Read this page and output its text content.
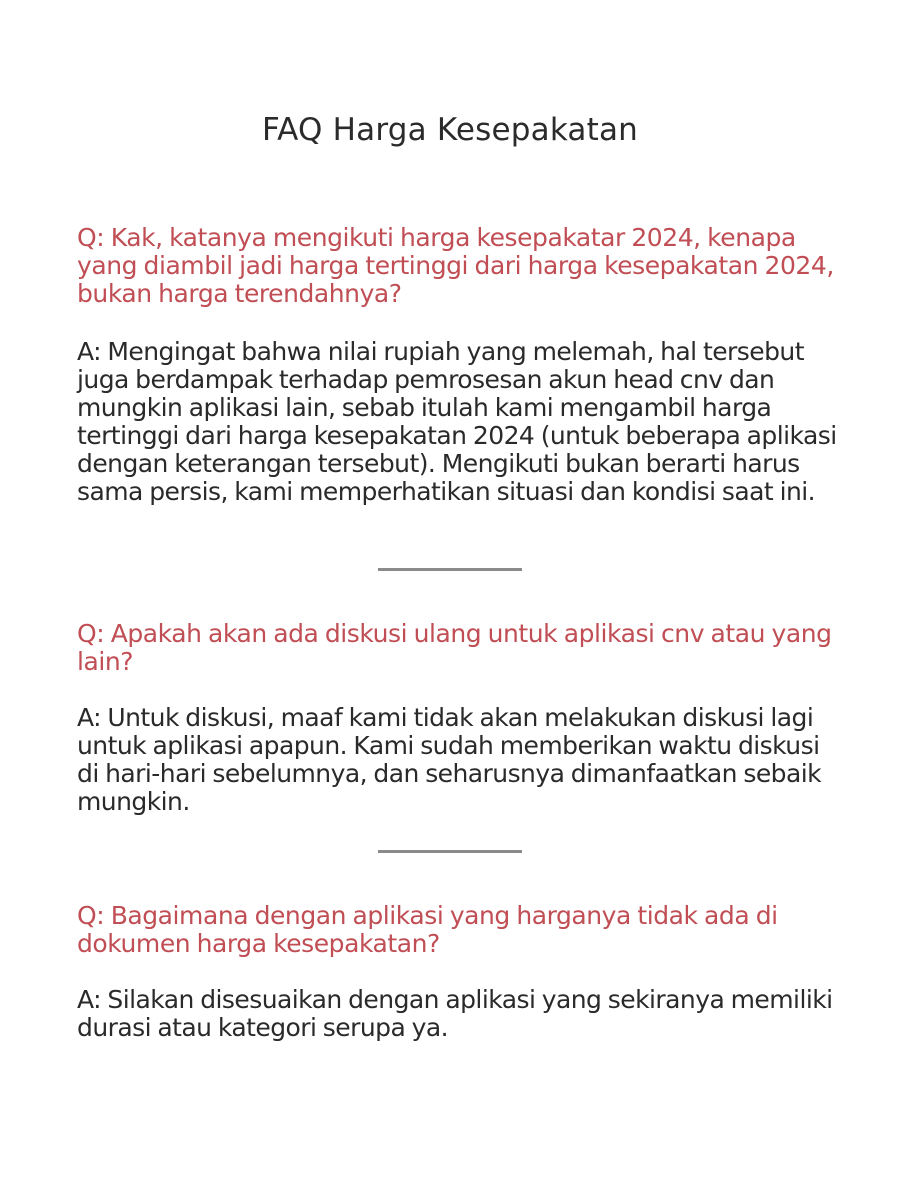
FAQ Harga Kesepakatan

Q: Kak, katanya mengikuti harga kesepakatar 2024, kenapa yang diambil jadi harga tertinggi dari harga kesepakatan 2024, bukan harga terendahnya?

A: Mengingat bahwa nilai rupiah yang melemah, hal tersebut juga berdampak terhadap pemrosesan akun head cnv dan mungkin aplikasi lain, sebab itulah kami mengambil harga tertinggi dari harga kesepakatan 2024 (untuk beberapa aplikasi dengan keterangan tersebut). Mengikuti bukan berarti harus sama persis, kami memperhatikan situasi dan kondisi saat ini.

Q: Apakah akan ada diskusi ulang untuk aplikasi cnv atau yang lain?

A: Untuk diskusi, maaf kami tidak akan melakukan diskusi lagi untuk aplikasi apapun. Kami sudah memberikan waktu diskusi di hari-hari sebelumnya, dan seharusnya dimanfaatkan sebaik mungkin.

Q: Bagaimana dengan aplikasi yang harganya tidak ada di dokumen harga kesepakatan?

A: Silakan disesuaikan dengan aplikasi yang sekiranya memiliki durasi atau kategori serupa ya.
